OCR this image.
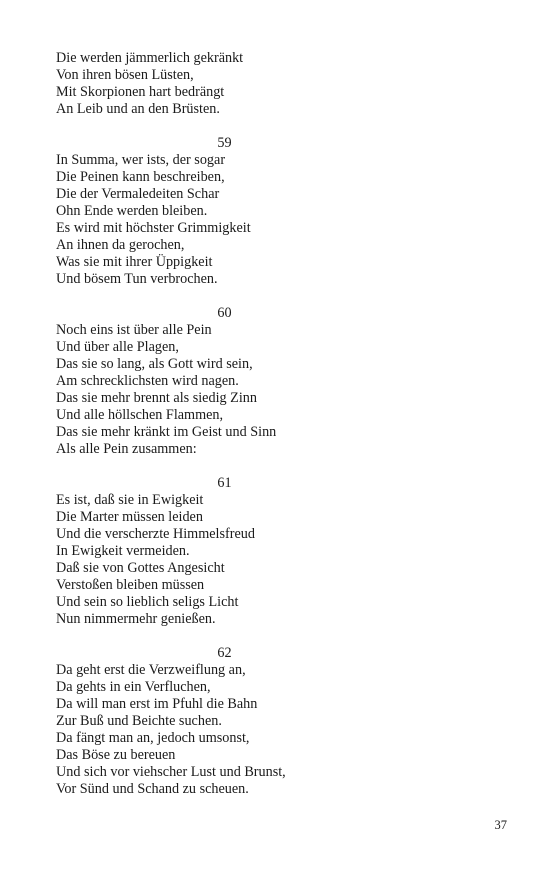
Die werden jämmerlich gekränkt
Von ihren bösen Lüsten,
Mit Skorpionen hart bedrängt
An Leib und an den Brüsten.
59
In Summa, wer ists, der sogar
Die Peinen kann beschreiben,
Die der Vermaledeiten Schar
Ohn Ende werden bleiben.
Es wird mit höchster Grimmigkeit
An ihnen da gerochen,
Was sie mit ihrer Üppigkeit
Und bösem Tun verbrochen.
60
Noch eins ist über alle Pein
Und über alle Plagen,
Das sie so lang, als Gott wird sein,
Am schrecklichsten wird nagen.
Das sie mehr brennt als siedig Zinn
Und alle höllschen Flammen,
Das sie mehr kränkt im Geist und Sinn
Als alle Pein zusammen:
61
Es ist, daß sie in Ewigkeit
Die Marter müssen leiden
Und die verscherzte Himmelsfreud
In Ewigkeit vermeiden.
Daß sie von Gottes Angesicht
Verstoßen bleiben müssen
Und sein so lieblich seligs Licht
Nun nimmermehr genießen.
62
Da geht erst die Verzweiflung an,
Da gehts in ein Verfluchen,
Da will man erst im Pfuhl die Bahn
Zur Buß und Beichte suchen.
Da fängt man an, jedoch umsonst,
Das Böse zu bereuen
Und sich vor viehscher Lust und Brunst,
Vor Sünd und Schand zu scheuen.
37
